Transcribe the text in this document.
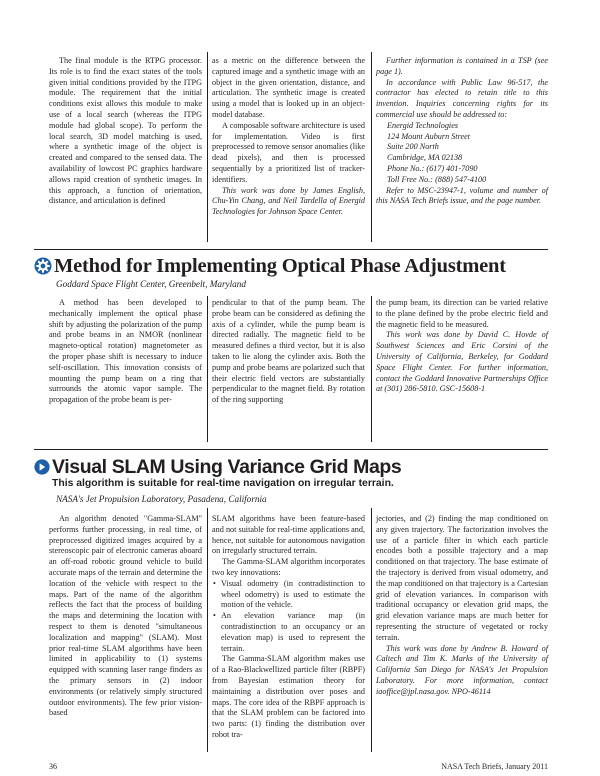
The final module is the RTPG processor. Its role is to find the exact states of the tools given initial conditions provided by the ITPG module. The requirement that the initial conditions exist allows this module to make use of a local search (whereas the ITPG module had global scope). To perform the local search, 3D model matching is used, where a synthetic image of the object is created and compared to the sensed data. The availability of lowcost PC graphics hardware allows rapid creation of synthetic images. In this approach, a function of orientation, distance, and articulation is defined

as a metric on the difference between the captured image and a synthetic image with an object in the given orientation, distance, and articulation. The synthetic image is created using a model that is looked up in an object-model database.

A composable software architecture is used for implementation. Video is first preprocessed to remove sensor anomalies (like dead pixels), and then is processed sequentially by a prioritized list of tracker-identifiers.

This work was done by James English, Chu-Yin Chang, and Neil Tardella of Energid Technologies for Johnson Space Center.

Further information is contained in a TSP (see page 1).

In accordance with Public Law 96-517, the contractor has elected to retain title to this invention. Inquiries concerning rights for its commercial use should be addressed to:

Energid Technologies
124 Mount Auburn Street
Suite 200 North
Cambridge, MA 02138
Phone No.: (617) 401-7090
Toll Free No.: (888) 547-4100

Refer to MSC-23947-1, volume and number of this NASA Tech Briefs issue, and the page number.

Method for Implementing Optical Phase Adjustment
Goddard Space Flight Center, Greenbelt, Maryland

A method has been developed to mechanically implement the optical phase shift by adjusting the polarization of the pump and probe beams in an NMOR (nonlinear magneto-optical rotation) magnetometer as the proper phase shift is necessary to induce self-oscillation. This innovation consists of mounting the pump beam on a ring that surrounds the atomic vapor sample. The propagation of the probe beam is per-

pendicular to that of the pump beam. The probe beam can be considered as defining the axis of a cylinder, while the pump beam is directed radially. The magnetic field to be measured defines a third vector, but it is also taken to lie along the cylinder axis. Both the pump and probe beams are polarized such that their electric field vectors are substantially perpendicular to the magnet field. By rotation of the ring supporting

the pump beam, its direction can be varied relative to the plane defined by the probe electric field and the magnetic field to be measured.

This work was done by David C. Hovde of Southwest Sciences and Eric Corsini of the University of California, Berkeley, for Goddard Space Flight Center. For further information, contact the Goddard Innovative Partnerships Office at (301) 286-5810. GSC-15608-1

Visual SLAM Using Variance Grid Maps
This algorithm is suitable for real-time navigation on irregular terrain.
NASA's Jet Propulsion Laboratory, Pasadena, California

An algorithm denoted "Gamma-SLAM" performs further processing, in real time, of preprocessed digitized images acquired by a stereoscopic pair of electronic cameras aboard an off-road robotic ground vehicle to build accurate maps of the terrain and determine the location of the vehicle with respect to the maps. Part of the name of the algorithm reflects the fact that the process of building the maps and determining the location with respect to them is denoted "simultaneous localization and mapping" (SLAM). Most prior real-time SLAM algorithms have been limited in applicability to (1) systems equipped with scanning laser range finders as the primary sensors in (2) indoor environments (or relatively simply structured outdoor environments). The few prior vision-based

SLAM algorithms have been feature-based and not suitable for real-time applications and, hence, not suitable for autonomous navigation on irregularly structured terrain.

The Gamma-SLAM algorithm incorporates two key innovations:

• Visual odometry (in contradistinction to wheel odometry) is used to estimate the motion of the vehicle.
• An elevation variance map (in contradistinction to an occupancy or an elevation map) is used to represent the terrain.

The Gamma-SLAM algorithm makes use of a Rao-Blackwellized particle filter (RBPF) from Bayesian estimation theory for maintaining a distribution over poses and maps. The core idea of the RBPF approach is that the SLAM problem can be factored into two parts: (1) finding the distribution over robot tra-

jectories, and (2) finding the map conditioned on any given trajectory. The factorization involves the use of a particle filter in which each particle encodes both a possible trajectory and a map conditioned on that trajectory. The base estimate of the trajectory is derived from visual odometry, and the map conditioned on that trajectory is a Cartesian grid of elevation variances. In comparison with traditional occupancy or elevation grid maps, the grid elevation variance maps are much better for representing the structure of vegetated or rocky terrain.

This work was done by Andrew B. Howard of Caltech and Tim K. Marks of the University of California San Diego for NASA's Jet Propulsion Laboratory. For more information, contact iaoffice@jpl.nasa.gov. NPO-46114

36	NASA Tech Briefs, January 2011
